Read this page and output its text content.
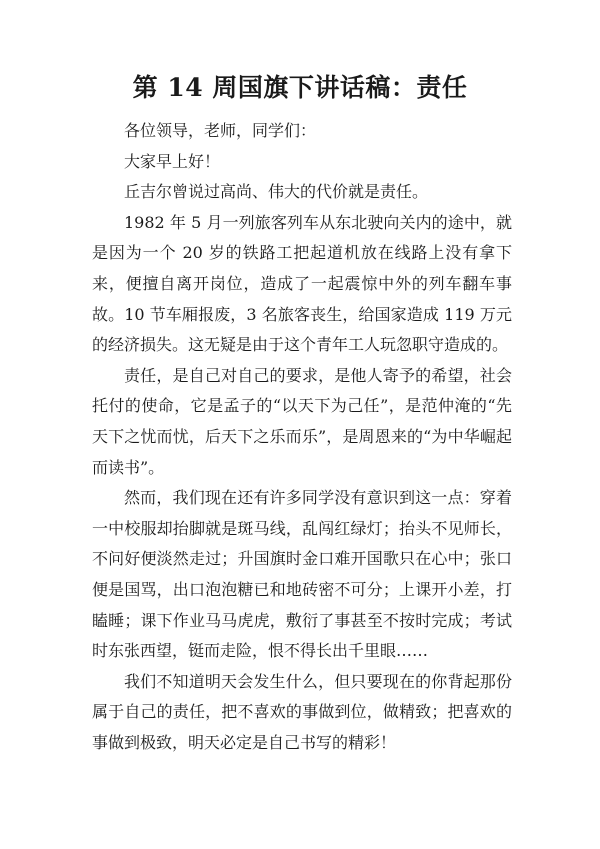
第 14 周国旗下讲话稿：责任

各位领导，老师，同学们：

大家早上好！

丘吉尔曾说过高尚、伟大的代价就是责任。

1982 年 5 月一列旅客列车从东北驶向关内的途中，就是因为一个 20 岁的铁路工把起道机放在线路上没有拿下来，便擅自离开岗位，造成了一起震惊中外的列车翻车事故。10 节车厢报废，3 名旅客丧生，给国家造成 119 万元的经济损失。这无疑是由于这个青年工人玩忽职守造成的。

责任，是自己对自己的要求，是他人寄予的希望，社会托付的使命，它是孟子的“以天下为己任”，是范仲淹的“先天下之忧而忧，后天下之乐而乐”，是周恩来的“为中华崛起而读书”。

然而，我们现在还有许多同学没有意识到这一点：穿着一中校服却抬脚就是斑马线，乱闯红绿灯；抬头不见师长，不问好便淡然走过；升国旗时金口难开国歌只在心中；张口便是国骂，出口泡泡糖已和地砖密不可分；上课开小差，打瞌睡；课下作业马马虎虎，敷衍了事甚至不按时完成；考试时东张西望，铤而走险，恨不得长出千里眼……

我们不知道明天会发生什么，但只要现在的你背起那份属于自己的责任，把不喜欢的事做到位，做精致；把喜欢的事做到极致，明天必定是自己书写的精彩！
